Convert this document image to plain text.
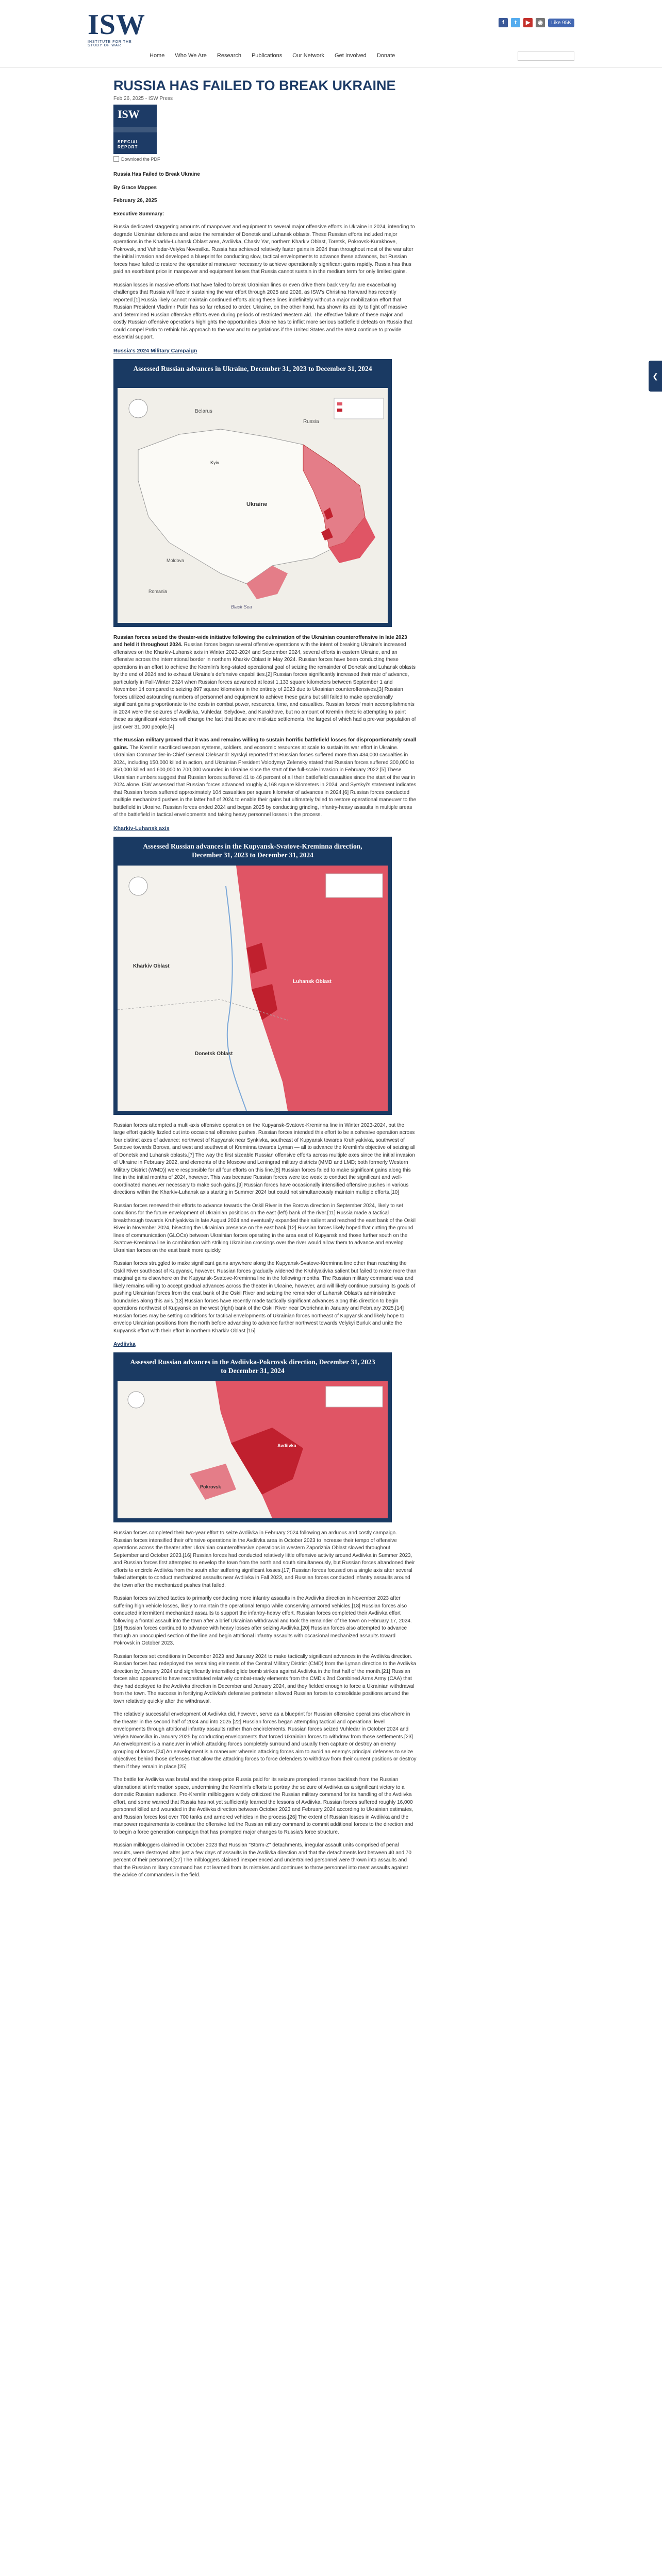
ISW
INSTITUTE FOR THE STUDY OF WAR
Home Who We Are Research Publications Our Network Get Involved Donate
f	t	▶	◉	Like 95K
RUSSIA HAS FAILED TO BREAK UKRAINE
Feb 26, 2025 - ISW Press
ISW
SPECIAL REPORT
Download the PDF

Russia Has Failed to Break Ukraine

By Grace Mappes

February 26, 2025

Executive Summary:

Russia dedicated staggering amounts of manpower and equipment to several major offensive efforts in Ukraine in 2024, intending to degrade Ukrainian defenses and seize the remainder of Donetsk and Luhansk oblasts. These Russian efforts included major operations in the Kharkiv-Luhansk Oblast area, Avdiivka, Chasiv Yar, northern Kharkiv Oblast, Toretsk, Pokrovsk-Kurakhove, Pokrovsk, and Vuhledar-Velyka Novosilka. Russia has achieved relatively faster gains in 2024 than throughout most of the war after the initial invasion and developed a blueprint for conducting slow, tactical envelopments to advance these advances, but Russian forces have failed to restore the operational maneuver necessary to achieve operationally significant gains rapidly. Russia has thus paid an exorbitant price in manpower and equipment losses that Russia cannot sustain in the medium term for only limited gains.

Russian losses in massive efforts that have failed to break Ukrainian lines or even drive them back very far are exacerbating challenges that Russia will face in sustaining the war effort through 2025 and 2026, as ISW's Christina Harward has recently reported.[1] Russia likely cannot maintain continued efforts along these lines indefinitely without a major mobilization effort that Russian President Vladimir Putin has so far refused to order. Ukraine, on the other hand, has shown its ability to fight off massive and determined Russian offensive efforts even during periods of restricted Western aid. The effective failure of these major and costly Russian offensive operations highlights the opportunities Ukraine has to inflict more serious battlefield defeats on Russia that could compel Putin to rethink his approach to the war and to negotiations if the United States and the West continue to provide essential support.

Russia's 2024 Military Campaign
Assessed Russian advances in Ukraine, December 31, 2023 to December 31, 2024
Belarus
Russia
Kyiv
Ukraine
Moldova
Romania
Black Sea

Russian forces seized the theater-wide initiative following the culmination of the Ukrainian counteroffensive in late 2023 and held it throughout 2024. Russian forces began several offensive operations with the intent of breaking Ukraine's increased offensives on the Kharkiv-Luhansk axis in Winter 2023-2024 and September 2024, several efforts in eastern Ukraine, and an offensive across the international border in northern Kharkiv Oblast in May 2024. Russian forces have been conducting these operations in an effort to achieve the Kremlin's long-stated operational goal of seizing the remainder of Donetsk and Luhansk oblasts by the end of 2024 and to exhaust Ukraine's defensive capabilities.[2] Russian forces significantly increased their rate of advance, particularly in Fall-Winter 2024 when Russian forces advanced at least 1,133 square kilometers between September 1 and November 14 compared to seizing 897 square kilometers in the entirety of 2023 due to Ukrainian counteroffensives.[3] Russian forces utilized astounding numbers of personnel and equipment to achieve these gains but still failed to make operationally significant gains proportionate to the costs in combat power, resources, time, and casualties. Russian forces' main accomplishments in 2024 were the seizures of Avdiivka, Vuhledar, Selydove, and Kurakhove, but no amount of Kremlin rhetoric attempting to paint these as significant victories will change the fact that these are mid-size settlements, the largest of which had a pre-war population of just over 31,000 people.[4]

The Russian military proved that it was and remains willing to sustain horrific battlefield losses for disproportionately small gains. The Kremlin sacrificed weapon systems, soldiers, and economic resources at scale to sustain its war effort in Ukraine. Ukrainian Commander-in-Chief General Oleksandr Syrskyi reported that Russian forces suffered more than 434,000 casualties in 2024, including 150,000 killed in action, and Ukrainian President Volodymyr Zelensky stated that Russian forces suffered 300,000 to 350,000 killed and 600,000 to 700,000 wounded in Ukraine since the start of the full-scale invasion in February 2022.[5] These Ukrainian numbers suggest that Russian forces suffered 41 to 46 percent of all their battlefield casualties since the start of the war in 2024 alone. ISW assessed that Russian forces advanced roughly 4,168 square kilometers in 2024, and Syrskyi's statement indicates that Russian forces suffered approximately 104 casualties per square kilometer of advances in 2024.[6] Russian forces conducted multiple mechanized pushes in the latter half of 2024 to enable their gains but ultimately failed to restore operational maneuver to the battlefield in Ukraine. Russian forces ended 2024 and began 2025 by conducting grinding, infantry-heavy assaults in multiple areas of the battlefield in tactical envelopments and taking heavy personnel losses in the process.

Kharkiv-Luhansk axis
Assessed Russian advances in the Kupyansk-Svatove-Kreminna direction, December 31, 2023 to December 31, 2024
Kharkiv Oblast
Luhansk Oblast
Donetsk Oblast

Russian forces attempted a multi-axis offensive operation on the Kupyansk-Svatove-Kreminna line in Winter 2023-2024, but the large effort quickly fizzled out into occasional offensive pushes. Russian forces intended this effort to be a cohesive operation across four distinct axes of advance: northwest of Kupyansk near Synkivka, southeast of Kupyansk towards Kruhlyakivka, southwest of Svatove towards Borova, and west and southwest of Kreminna towards Lyman — all to advance the Kremlin's objective of seizing all of Donetsk and Luhansk oblasts.[7] The way the first sizeable Russian offensive efforts across multiple axes since the initial invasion of Ukraine in February 2022, and elements of the Moscow and Leningrad military districts (MMD and LMD; both formerly Western Military District (WMD)) were responsible for all four efforts on this line.[8] Russian forces failed to make significant gains along this line in the initial months of 2024, however. This was because Russian forces were too weak to conduct the significant and well-coordinated maneuver necessary to make such gains.[9] Russian forces have occasionally intensified offensive pushes in various directions within the Kharkiv-Luhansk axis starting in Summer 2024 but could not simultaneously maintain multiple efforts.[10]

Russian forces renewed their efforts to advance towards the Oskil River in the Borova direction in September 2024, likely to set conditions for the future envelopment of Ukrainian positions on the east (left) bank of the river.[11] Russia made a tactical breakthrough towards Kruhlyakivka in late August 2024 and eventually expanded their salient and reached the east bank of the Oskil River in November 2024, bisecting the Ukrainian presence on the east bank.[12] Russian forces likely hoped that cutting the ground lines of communication (GLOCs) between Ukrainian forces operating in the area east of Kupyansk and those further south on the Svatove-Kreminna line in combination with striking Ukrainian crossings over the river would allow them to advance and envelop Ukrainian forces on the east bank more quickly.

Russian forces struggled to make significant gains anywhere along the Kupyansk-Svatove-Kreminna line other than reaching the Oskil River southeast of Kupyansk, however. Russian forces gradually widened the Kruhlyakivka salient but failed to make more than marginal gains elsewhere on the Kupyansk-Svatove-Kreminna line in the following months. The Russian military command was and likely remains willing to accept gradual advances across the theater in Ukraine, however, and will likely continue pursuing its goals of pushing Ukrainian forces from the east bank of the Oskil River and seizing the remainder of Luhansk Oblast's administrative boundaries along this axis.[13] Russian forces have recently made tactically significant advances along this direction to begin operations northwest of Kupyansk on the west (right) bank of the Oskil River near Dvorichna in January and February 2025.[14] Russian forces may be setting conditions for tactical envelopments of Ukrainian forces northeast of Kupyansk and likely hope to envelop Ukrainian positions from the north before advancing to advance further northwest towards Velykyi Burluk and unite the Kupyansk effort with their effort in northern Kharkiv Oblast.[15]

Avdiivka
Assessed Russian advances in the Avdiivka-Pokrovsk direction, December 31, 2023 to December 31, 2024
Avdiivka
Pokrovsk

Russian forces completed their two-year effort to seize Avdiivka in February 2024 following an arduous and costly campaign. Russian forces intensified their offensive operations in the Avdiivka area in October 2023 to increase their tempo of offensive operations across the theater after Ukrainian counteroffensive operations in western Zaporizhia Oblast slowed throughout September and October 2023.[16] Russian forces had conducted relatively little offensive activity around Avdiivka in Summer 2023, and Russian forces first attempted to envelop the town from the north and south simultaneously, but Russian forces abandoned their efforts to encircle Avdiivka from the south after suffering significant losses.[17] Russian forces focused on a single axis after several failed attempts to conduct mechanized assaults near Avdiivka in Fall 2023, and Russian forces conducted infantry assaults around the town after the mechanized pushes that failed.

Russian forces switched tactics to primarily conducting more infantry assaults in the Avdiivka direction in November 2023 after suffering high vehicle losses, likely to maintain the operational tempo while conserving armored vehicles.[18] Russian forces also conducted intermittent mechanized assaults to support the infantry-heavy effort. Russian forces completed their Avdiivka effort following a frontal assault into the town after a brief Ukrainian withdrawal and took the remainder of the town on February 17, 2024.[19] Russian forces continued to advance with heavy losses after seizing Avdiivka.[20] Russian forces also attempted to advance through an unoccupied section of the line and begin attritional infantry assaults with occasional mechanized assaults toward Pokrovsk in October 2023.

Russian forces set conditions in December 2023 and January 2024 to make tactically significant advances in the Avdiivka direction. Russian forces had redeployed the remaining elements of the Central Military District (CMD) from the Lyman direction to the Avdiivka direction by January 2024 and significantly intensified glide bomb strikes against Avdiivka in the first half of the month.[21] Russian forces also appeared to have reconstituted relatively combat-ready elements from the CMD's 2nd Combined Arms Army (CAA) that they had deployed to the Avdiivka direction in December and January 2024, and they fielded enough to force a Ukrainian withdrawal from the town. The success in fortifying Avdiivka's defensive perimeter allowed Russian forces to consolidate positions around the town relatively quickly after the withdrawal.

The relatively successful envelopment of Avdiivka did, however, serve as a blueprint for Russian offensive operations elsewhere in the theater in the second half of 2024 and into 2025.[22] Russian forces began attempting tactical and operational level envelopments through attritional infantry assaults rather than encirclements. Russian forces seized Vuhledar in October 2024 and Velyka Novosilka in January 2025 by conducting envelopments that forced Ukrainian forces to withdraw from those settlements.[23] An envelopment is a maneuver in which attacking forces completely surround and usually then capture or destroy an enemy grouping of forces.[24] An envelopment is a maneuver wherein attacking forces aim to avoid an enemy's principal defenses to seize objectives behind those defenses that allow the attacking forces to force defenders to withdraw from their current positions or destroy them if they remain in place.[25]

The battle for Avdiivka was brutal and the steep price Russia paid for its seizure prompted intense backlash from the Russian ultranationalist information space, undermining the Kremlin's efforts to portray the seizure of Avdiivka as a significant victory to a domestic Russian audience. Pro-Kremlin milbloggers widely criticized the Russian military command for its handling of the Avdiivka effort, and some warned that Russia has not yet sufficiently learned the lessons of Avdiivka. Russian forces suffered roughly 16,000 personnel killed and wounded in the Avdiivka direction between October 2023 and February 2024 according to Ukrainian estimates, and Russian forces lost over 700 tanks and armored vehicles in the process.[26] The extent of Russian losses in Avdiivka and the manpower requirements to continue the offensive led the Russian military command to commit additional forces to the direction and to begin a force generation campaign that has prompted major changes to Russia's force structure.

Russian milbloggers claimed in October 2023 that Russian "Storm-Z" detachments, irregular assault units comprised of penal recruits, were destroyed after just a few days of assaults in the Avdiivka direction and that the detachments lost between 40 and 70 percent of their personnel.[27] The milbloggers claimed inexperienced and undertrained personnel were thrown into assaults and that the Russian military command has not learned from its mistakes and continues to throw personnel into meat assaults against the advice of commanders in the field.

❮
